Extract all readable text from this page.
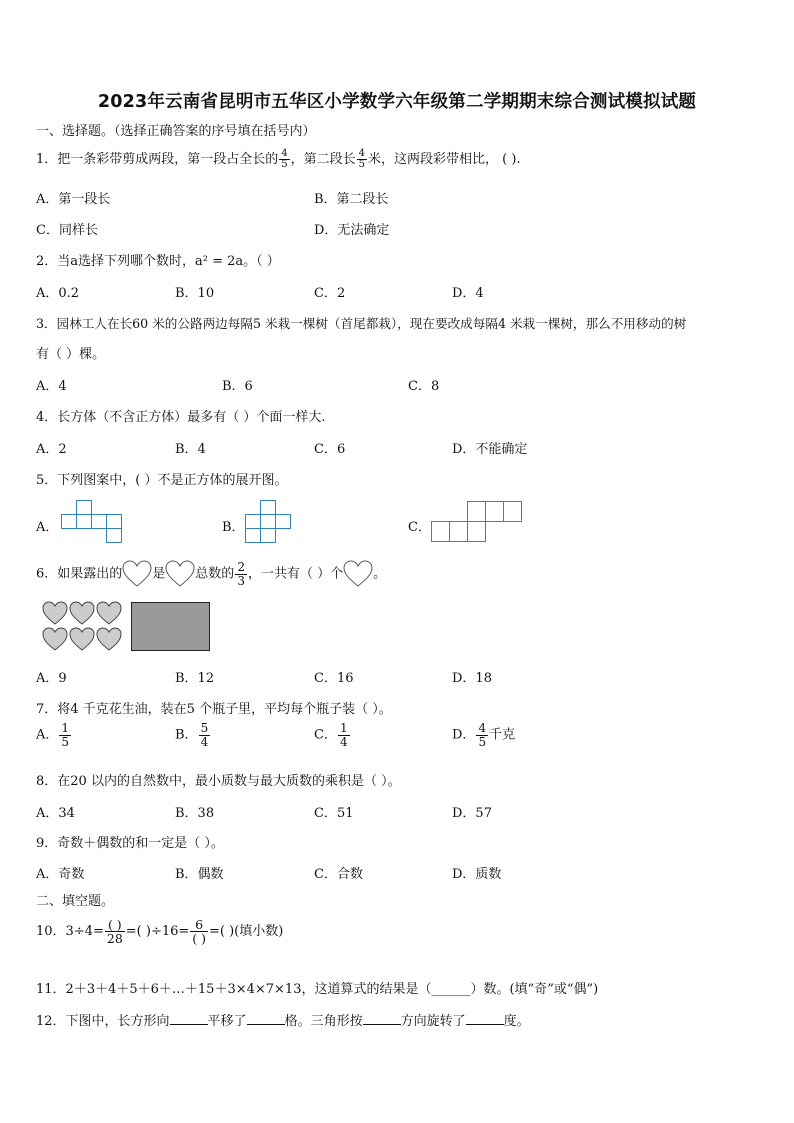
2023年云南省昆明市五华区小学数学六年级第二学期期末综合测试模拟试题
一、选择题。（选择正确答案的序号填在括号内）
1．把一条彩带剪成两段，第一段占全长的 $\frac{4}{5}$ ，第二段长 $\frac{4}{5}$ 米，这两段彩带相比， ( ).
A．第一段长	B．第二段长
C．同样长	D．无法确定
2．当a选择下列哪个数时，a² = 2a。（ ）
A．0.2	B．10	C．2	D．4
3．园林工人在长60 米的公路两边每隔5 米栽一棵树（首尾都栽），现在要改成每隔4 米栽一棵树，那么不用移动的树
有（ ）棵。
A．4	B．6	C．8
4．长方体（不含正方体）最多有（ ）个面一样大.
A．2	B．4	C．6	D．不能确定
5．下列图案中，( ）不是正方体的展开图。
A．	B．	C．
6．如果露出的 是 总数的 $\frac{2}{3}$ ，一共有（ ）个 。
A．9	B．12	C．16	D．18
7．将4 千克花生油，装在5 个瓶子里，平均每个瓶子装（ ）。
A． $\frac{1}{5}$	B． $\frac{5}{4}$	C． $\frac{1}{4}$	D． $\frac{4}{5}$ 千克
8．在20 以内的自然数中，最小质数与最大质数的乘积是（ ）。
A．34	B．38	C．51	D．57
9．奇数＋偶数的和一定是（ ）。
A．奇数	B．偶数	C．合数	D．质数
二、填空题。
10．$3\div 4= \frac{( )}{28}$ =( )$\div 16= \frac{6}{( )}$ =( )(填小数)
11．2＋3＋4＋5＋6＋…＋15＋3×4×7×13，这道算式的结果是（______）数。(填“奇”或“偶”)
12．下图中，长方形向	平移了	格。三角形按	方向旋转了	度。
